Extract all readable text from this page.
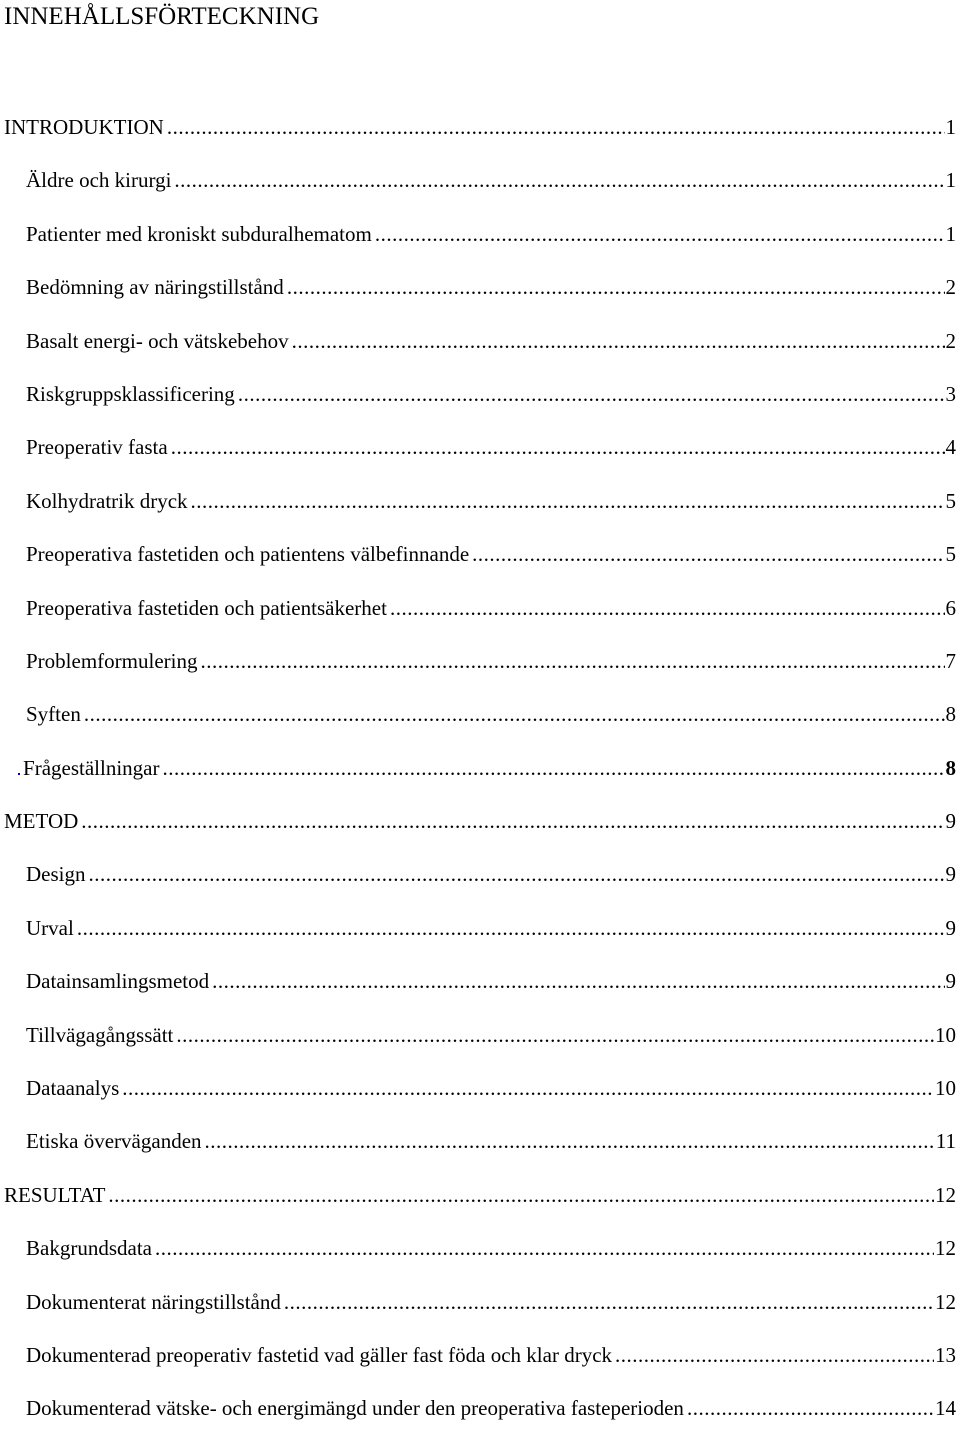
INNEHÅLLSFÖRTECKNING
INTRODUKTION .....	1
Äldre och kirurgi .....	1
Patienter med kroniskt subduralhematom .....	1
Bedömning av näringstillstånd .....	2
Basalt energi- och vätskebehov .....	2
Riskgruppsklassificering .....	3
Preoperativ fasta .....	4
Kolhydratrik dryck .....	5
Preoperativa fastetiden och patientens välbefinnande .....	5
Preoperativa fastetiden och patientsäkerhet .....	6
Problemformulering .....	7
Syften .....	8
Frågeställningar .....	8
METOD .....	9
Design .....	9
Urval .....	9
Datainsamlingsmetod .....	9
Tillvägagångssätt .....	10
Dataanalys .....	10
Etiska överväganden .....	11
RESULTAT .....	12
Bakgrundsdata .....	12
Dokumenterat näringstillstånd .....	12
Dokumenterad preoperativ fastetid vad gäller fast föda och klar dryck .....	13
Dokumenterad vätske- och energimängd under den preoperativa fasteperioden .....	14
